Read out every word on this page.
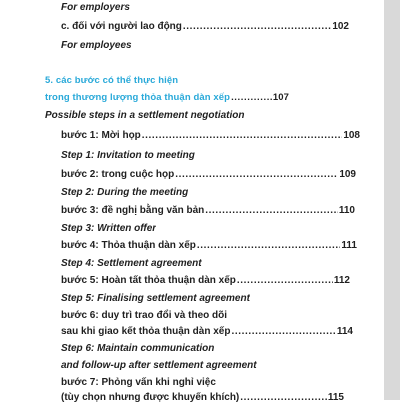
For employers
c. đối với người lao động .....	102
For employees
5. các bước có thể thực hiện
trong thương lượng thỏa thuận dàn xếp .....	107
Possible steps in a settlement negotiation
bước 1: Mời họp .....	108
Step 1: Invitation to meeting
bước 2: trong cuộc họp .....	109
Step 2: During the meeting
bước 3: đề nghị bằng văn bản .....	110
Step 3: Written offer
bước 4: Thỏa thuận dàn xếp .....	111
Step 4: Settlement agreement
bước 5: Hoàn tất thỏa thuận dàn xếp .....	112
Step 5: Finalising settlement agreement
bước 6: duy trì trao đổi và theo dõi
sau khi giao kết thỏa thuận dàn xếp .....	114
Step 6: Maintain communication
and follow-up after settlement agreement
bước 7: Phỏng vấn khi nghỉ việc
(tùy chọn nhưng được khuyến khích) .....	115
